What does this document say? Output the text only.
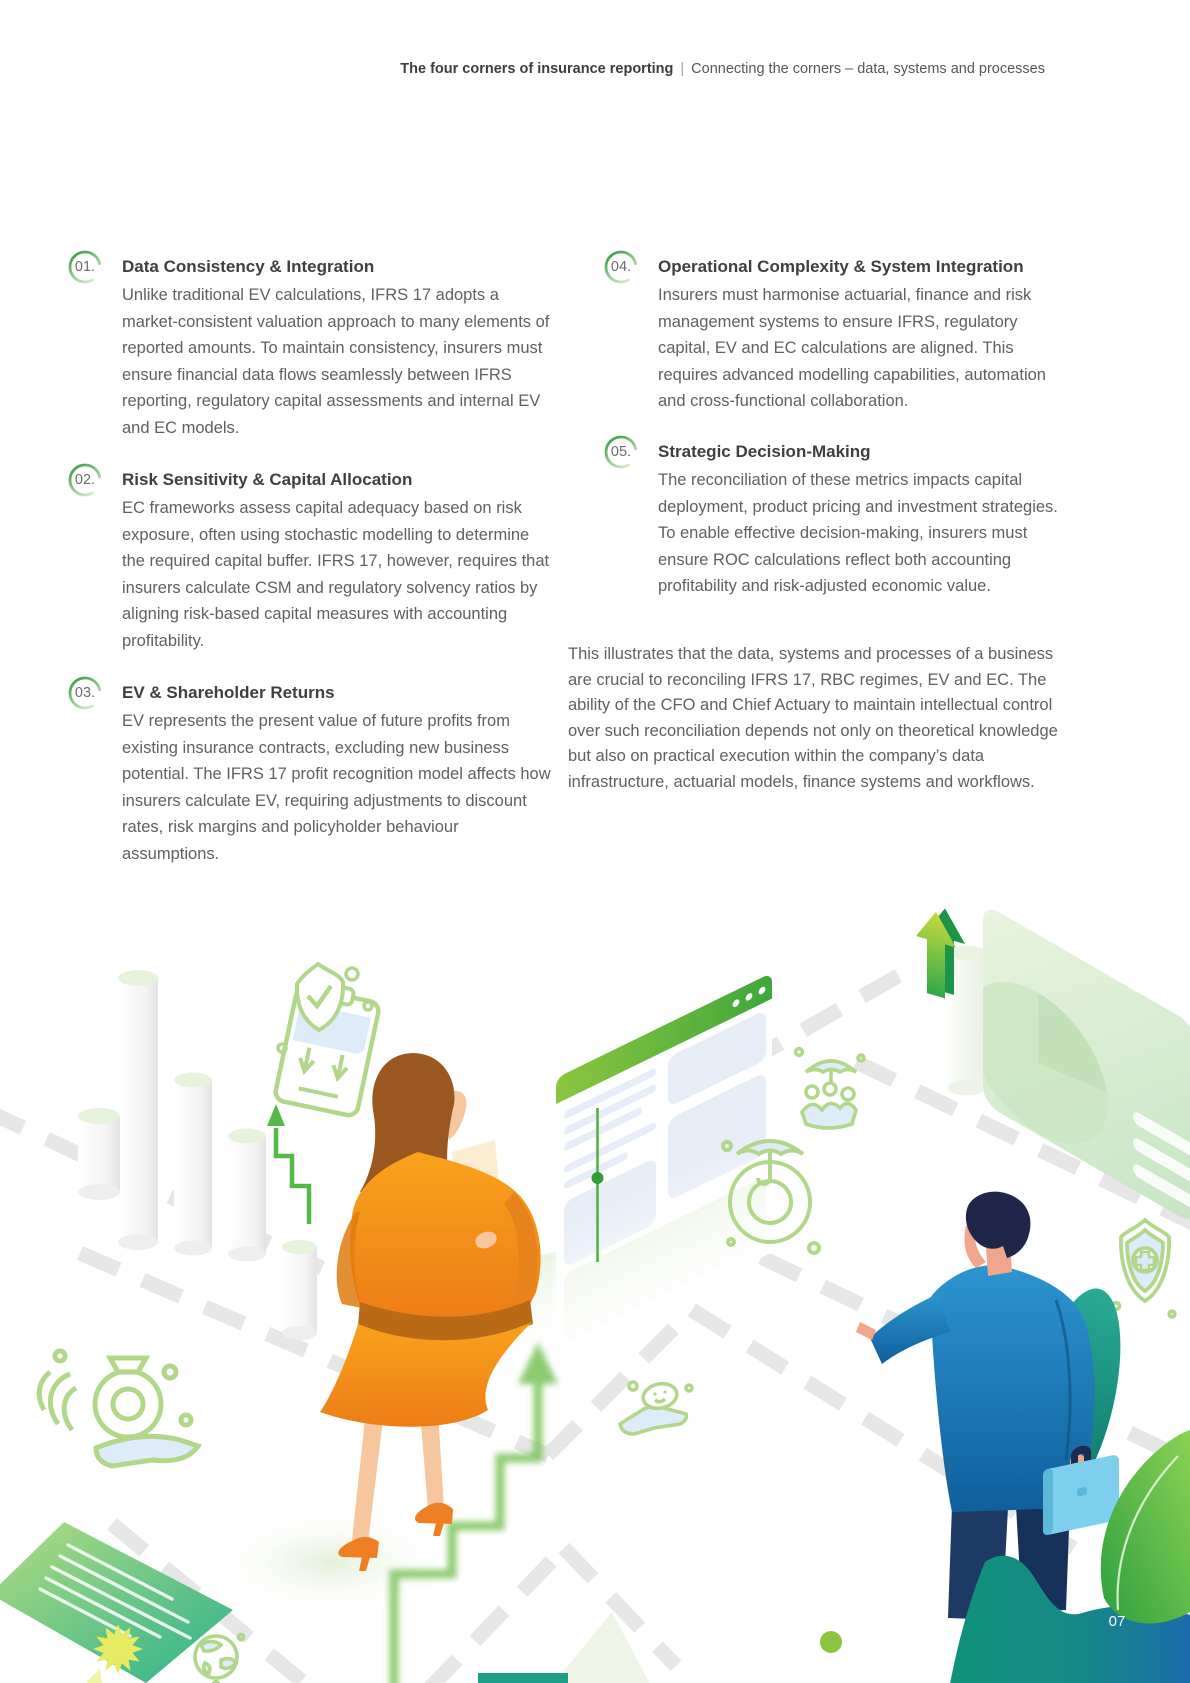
The four corners of insurance reporting | Connecting the corners – data, systems and processes
01.	Data Consistency & Integration

Unlike traditional EV calculations, IFRS 17 adopts a market-consistent valuation approach to many elements of reported amounts. To maintain consistency, insurers must ensure financial data flows seamlessly between IFRS reporting, regulatory capital assessments and internal EV and EC models.

02.	Risk Sensitivity & Capital Allocation

EC frameworks assess capital adequacy based on risk exposure, often using stochastic modelling to determine the required capital buffer. IFRS 17, however, requires that insurers calculate CSM and regulatory solvency ratios by aligning risk-based capital measures with accounting profitability.

03.	EV & Shareholder Returns

EV represents the present value of future profits from existing insurance contracts, excluding new business potential. The IFRS 17 profit recognition model affects how insurers calculate EV, requiring adjustments to discount rates, risk margins and policyholder behaviour assumptions.

04.	Operational Complexity & System Integration

Insurers must harmonise actuarial, finance and risk management systems to ensure IFRS, regulatory capital, EV and EC calculations are aligned. This requires advanced modelling capabilities, automation and cross-functional collaboration.

05.	Strategic Decision-Making

The reconciliation of these metrics impacts capital deployment, product pricing and investment strategies. To enable effective decision-making, insurers must ensure ROC calculations reflect both accounting profitability and risk-adjusted economic value.

This illustrates that the data, systems and processes of a business are crucial to reconciling IFRS 17, RBC regimes, EV and EC. The ability of the CFO and Chief Actuary to maintain intellectual control over such reconciliation depends not only on theoretical knowledge but also on practical execution within the company’s data infrastructure, actuarial models, finance systems and workflows.

07
